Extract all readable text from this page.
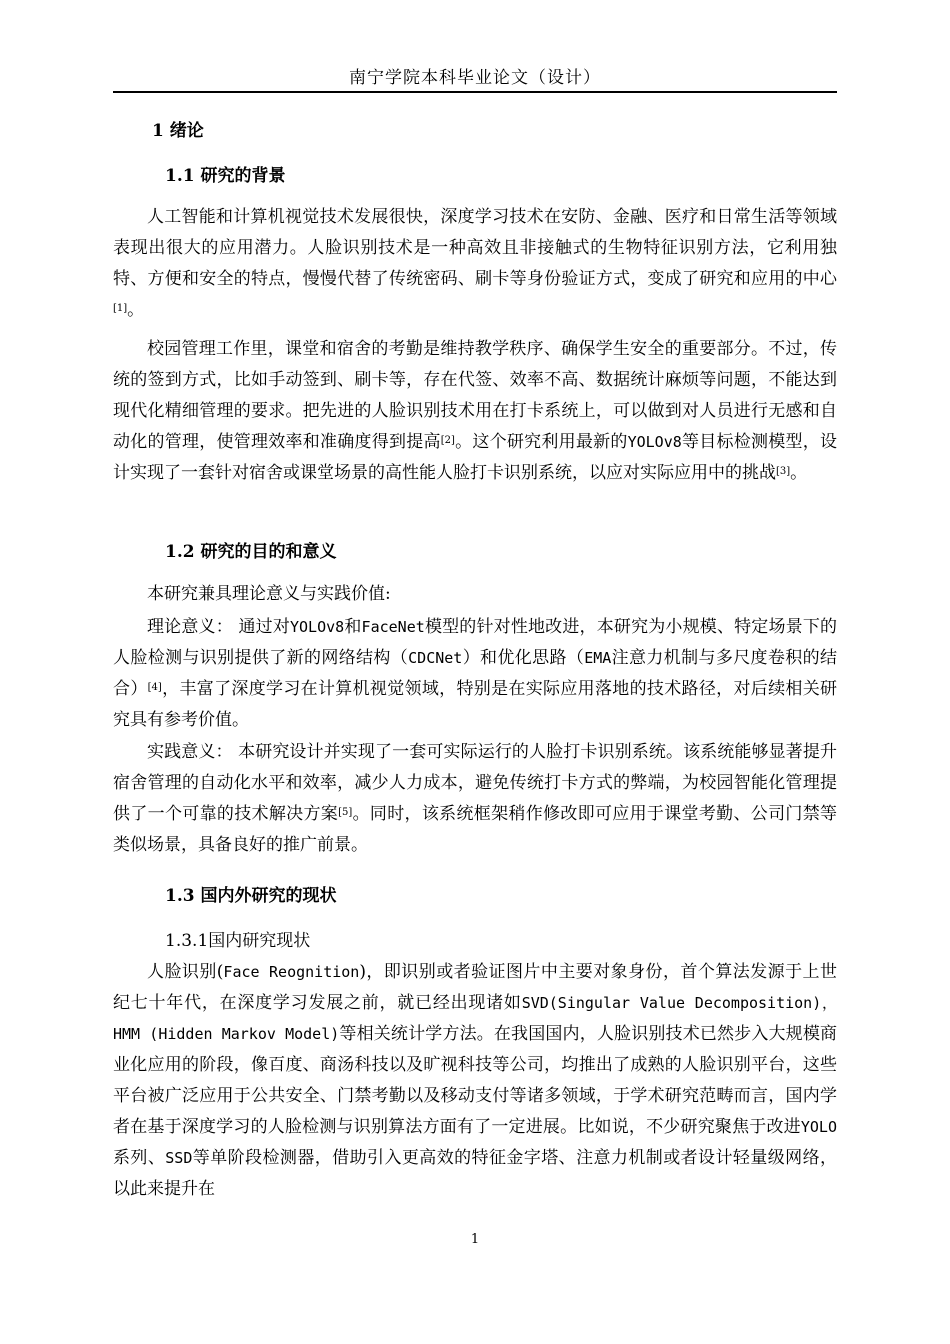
南宁学院本科毕业论文（设计）
1 绪论
1.1 研究的背景

人工智能和计算机视觉技术发展很快，深度学习技术在安防、金融、医疗和日常生活等领域表现出很大的应用潜力。人脸识别技术是一种高效且非接触式的生物特征识别方法，它利用独特、方便和安全的特点，慢慢代替了传统密码、刷卡等身份验证方式，变成了研究和应用的中心[1]。

校园管理工作里，课堂和宿舍的考勤是维持教学秩序、确保学生安全的重要部分。不过，传统的签到方式，比如手动签到、刷卡等，存在代签、效率不高、数据统计麻烦等问题，不能达到现代化精细管理的要求。把先进的人脸识别技术用在打卡系统上，可以做到对人员进行无感和自动化的管理，使管理效率和准确度得到提高[2]。这个研究利用最新的YOLOv8等目标检测模型，设计实现了一套针对宿舍或课堂场景的高性能人脸打卡识别系统，以应对实际应用中的挑战[3]。

1.2 研究的目的和意义

本研究兼具理论意义与实践价值:

理论意义： 通过对YOLOv8和FaceNet模型的针对性地改进，本研究为小规模、特定场景下的人脸检测与识别提供了新的网络结构（CDCNet）和优化思路（EMA注意力机制与多尺度卷积的结合）[4]，丰富了深度学习在计算机视觉领域，特别是在实际应用落地的技术路径，对后续相关研究具有参考价值。

实践意义： 本研究设计并实现了一套可实际运行的人脸打卡识别系统。该系统能够显著提升宿舍管理的自动化水平和效率，减少人力成本，避免传统打卡方式的弊端，为校园智能化管理提供了一个可靠的技术解决方案[5]。同时，该系统框架稍作修改即可应用于课堂考勤、公司门禁等类似场景，具备良好的推广前景。

1.3 国内外研究的现状
1.3.1国内研究现状

人脸识别(Face Reognition)，即识别或者验证图片中主要对象身份，首个算法发源于上世纪七十年代，在深度学习发展之前，就已经出现诸如SVD(Singular Value Decomposition)，HMM (Hidden Markov Model)等相关统计学方法。在我国国内，人脸识别技术已然步入大规模商业化应用的阶段，像百度、商汤科技以及旷视科技等公司，均推出了成熟的人脸识别平台，这些平台被广泛应用于公共安全、门禁考勤以及移动支付等诸多领域，于学术研究范畴而言，国内学者在基于深度学习的人脸检测与识别算法方面有了一定进展。比如说，不少研究聚焦于改进YOLO系列、SSD等单阶段检测器，借助引入更高效的特征金字塔、注意力机制或者设计轻量级网络，以此来提升在

1
